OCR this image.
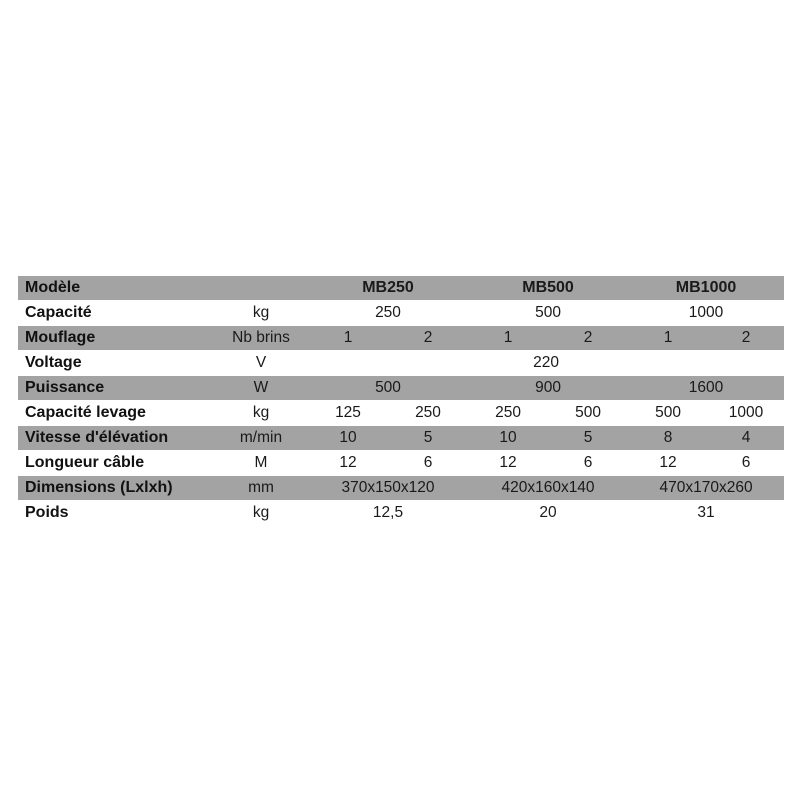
Modèle		MB250		MB500		MB1000	
Capacité	kg	250		500		1000	
Mouflage	Nb brins	1	2	1	2	1	2
Voltage	V	220					
Puissance	W	500		900		1600	
Capacité levage	kg	125	250	250	500	500	1000
Vitesse d'élévation	m/min	10	5	10	5	8	4
Longueur câble	M	12	6	12	6	12	6
Dimensions (Lxlxh)	mm	370x150x120		420x160x140		470x170x260	
Poids	kg	12,5		20		31	
